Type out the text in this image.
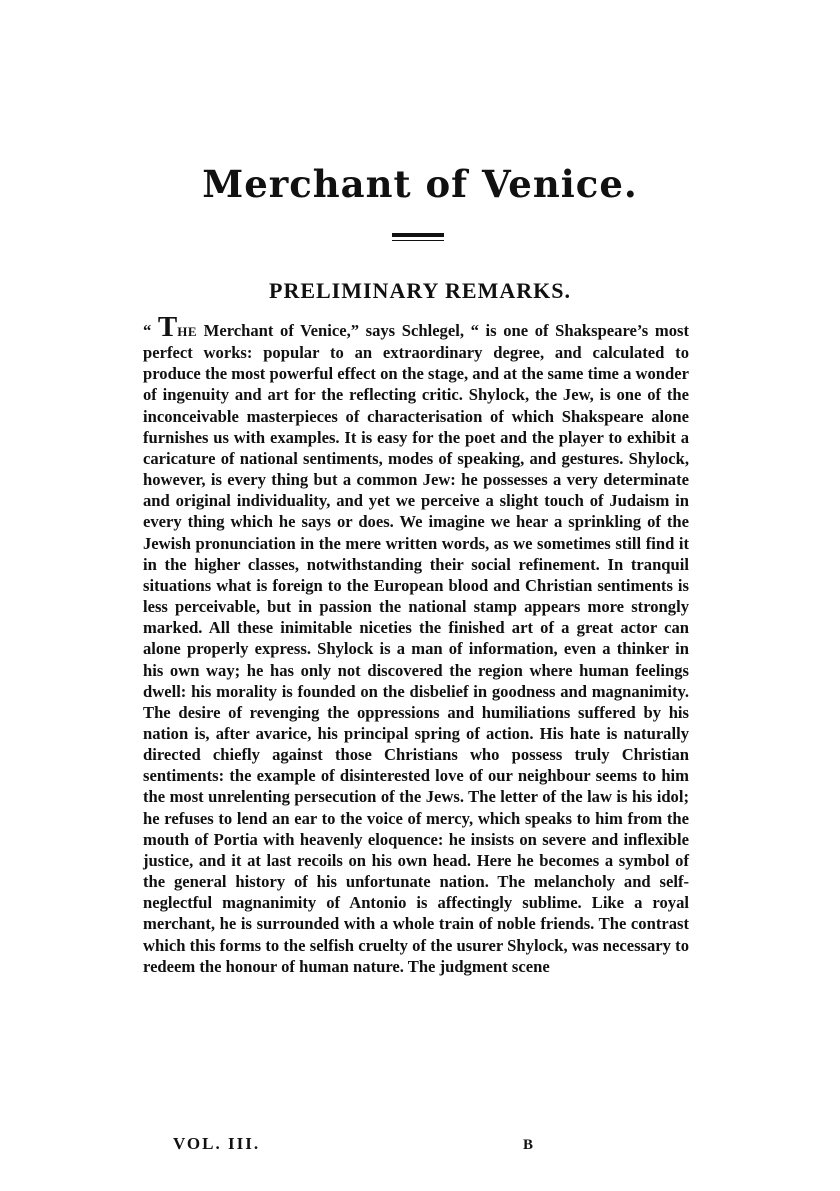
Merchant of Venice.
PRELIMINARY REMARKS.

“ THE Merchant of Venice,” says Schlegel, “ is one of Shakspeare’s most perfect works: popular to an extraordinary degree, and calculated to produce the most powerful effect on the stage, and at the same time a wonder of ingenuity and art for the reflecting critic. Shylock, the Jew, is one of the inconceivable masterpieces of characterisation of which Shakspeare alone furnishes us with examples. It is easy for the poet and the player to exhibit a caricature of national sentiments, modes of speaking, and gestures. Shylock, however, is every thing but a common Jew: he possesses a very determinate and original individuality, and yet we perceive a slight touch of Judaism in every thing which he says or does. We imagine we hear a sprinkling of the Jewish pronunciation in the mere written words, as we sometimes still find it in the higher classes, notwithstanding their social refinement. In tranquil situations what is foreign to the European blood and Christian sentiments is less perceivable, but in passion the national stamp appears more strongly marked. All these inimitable niceties the finished art of a great actor can alone properly express. Shylock is a man of information, even a thinker in his own way; he has only not discovered the region where human feelings dwell: his morality is founded on the disbelief in goodness and magnanimity. The desire of revenging the oppressions and humiliations suffered by his nation is, after avarice, his principal spring of action. His hate is naturally directed chiefly against those Christians who possess truly Christian sentiments: the example of disinterested love of our neighbour seems to him the most unrelenting persecution of the Jews. The letter of the law is his idol; he refuses to lend an ear to the voice of mercy, which speaks to him from the mouth of Portia with heavenly eloquence: he insists on severe and inflexible justice, and it at last recoils on his own head. Here he becomes a symbol of the general history of his unfortunate nation. The melancholy and self-neglectful magnanimity of Antonio is affectingly sublime. Like a royal merchant, he is surrounded with a whole train of noble friends. The contrast which this forms to the selfish cruelty of the usurer Shylock, was necessary to redeem the honour of human nature. The judgment scene

VOL. III.	B
